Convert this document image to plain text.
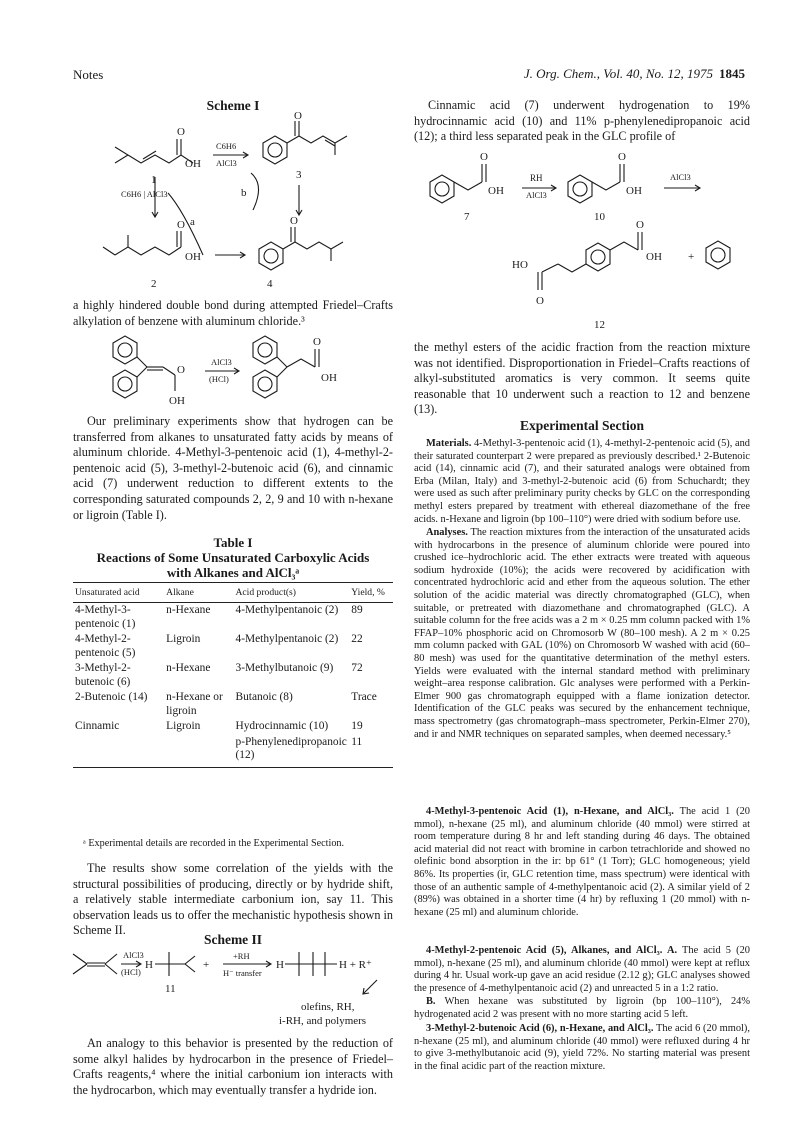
Notes	J. Org. Chem., Vol. 40, No. 12, 1975 1845
Scheme I
O
OH
O
O
OH
O
C6H6
AlCl3
C6H6 | AlCl3	b
a
1	3
2	4

a highly hindered double bond during attempted Friedel–Crafts alkylation of benzene with aluminum chloride.³

O
OH
AlCl3
(HCl)
O
OH

Our preliminary experiments show that hydrogen can be transferred from alkanes to unsaturated fatty acids by means of aluminum chloride. 4-Methyl-3-pentenoic acid (1), 4-methyl-2-pentenoic acid (5), 3-methyl-2-butenoic acid (6), and cinnamic acid (7) underwent reduction to different extents to the corresponding saturated compounds 2, 2, 9 and 10 with n-hexane or ligroin (Table I).

Table I
Reactions of Some Unsaturated Carboxylic Acids with Alkanes and AlCl₃ᵃ
Unsaturated acid	Alkane	Acid product(s)	Yield, %
4-Methyl-3-pentenoic (1)	n-Hexane	4-Methylpentanoic (2)	89
4-Methyl-2-pentenoic (5)	Ligroin	4-Methylpentanoic (2)	22
3-Methyl-2-butenoic (6)	n-Hexane	3-Methylbutanoic (9)	72
2-Butenoic (14)	n-Hexane or ligroin	Butanoic (8)	Trace
Cinnamic	Ligroin	Hydrocinnamic (10)	19
		p-Phenylenedipropanoic (12)	11
ᵃ Experimental details are recorded in the Experimental Section.

The results show some correlation of the yields with the structural possibilities of producing, directly or by hydride shift, a relatively stable intermediate carbonium ion, say 11. This observation leads us to offer the mechanistic hypothesis shown in Scheme II.

Scheme II
AlCl3
(HCl)
H	+
+RH
H⁻ transfer
H	H + R⁺
11
olefins, RH,
i-RH, and polymers

An analogy to this behavior is presented by the reduction of some alkyl halides by hydrocarbon in the presence of Friedel–Crafts reagents,⁴ where the initial carbonium ion interacts with the hydrocarbon, which may eventually transfer a hydride ion.

Cinnamic acid (7) underwent hydrogenation to 19% hydrocinnamic acid (10) and 11% p-phenylenedipropanoic acid (12); a third less separated peak in the GLC profile of

O
OH
RH
AlCl3
O
OH
AlCl3
7	10
O
OH +
HO
O
12

the methyl esters of the acidic fraction from the reaction mixture was not identified. Disproportionation in Friedel–Crafts reactions of alkyl-substituted aromatics is very common. It seems quite reasonable that 10 underwent such a reaction to 12 and benzene (13).

Experimental Section

Materials. 4-Methyl-3-pentenoic acid (1), 4-methyl-2-pentenoic acid (5), and their saturated counterpart 2 were prepared as previously described.¹ 2-Butenoic acid (14), cinnamic acid (7), and their saturated analogs were obtained from Erba (Milan, Italy) and 3-methyl-2-butenoic acid (6) from Schuchardt; they were used as such after preliminary purity checks by GLC on the corresponding methyl esters prepared by treatment with ethereal diazomethane of the free acids. n-Hexane and ligroin (bp 100–110°) were dried with sodium before use.

Analyses. The reaction mixtures from the interaction of the unsaturated acids with hydrocarbons in the presence of aluminum chloride were poured into crushed ice–hydrochloric acid. The ether extracts were treated with aqueous sodium hydroxide (10%); the acids were recovered by acidification with concentrated hydrochloric acid and ether from the aqueous solution. The ether solution of the acidic material was directly chromatographed (GLC), when suitable, or pretreated with diazomethane and chromatographed (GLC). A suitable column for the free acids was a 2 m × 0.25 mm column packed with 1% FFAP–10% phosphoric acid on Chromosorb W (80–100 mesh). A 2 m × 0.25 mm column packed with GAL (10%) on Chromosorb W washed with acid (60–80 mesh) was used for the quantitative determination of the methyl esters. Yields were evaluated with the internal standard method with preliminary weight–area response calibration. Glc analyses were performed with a Perkin-Elmer 900 gas chromatograph equipped with a flame ionization detector. Identification of the GLC peaks was secured by the enhancement technique, mass spectrometry (gas chromatograph–mass spectrometer, Perkin-Elmer 270), and ir and NMR techniques on separated samples, when deemed necessary.⁵

4-Methyl-3-pentenoic Acid (1), n-Hexane, and AlCl₃. The acid 1 (20 mmol), n-hexane (25 ml), and aluminum chloride (40 mmol) were stirred at room temperature during 8 hr and left standing during 46 days. The obtained acid material did not react with bromine in carbon tetrachloride and showed no olefinic bond absorption in the ir: bp 61° (1 Torr); GLC homogeneous; yield 86%. Its properties (ir, GLC retention time, mass spectrum) were identical with those of an authentic sample of 4-methylpentanoic acid (2). A similar yield of 2 (89%) was obtained in a shorter time (4 hr) by refluxing 1 (20 mmol) with n-hexane (25 ml) and aluminum chloride.

4-Methyl-2-pentenoic Acid (5), Alkanes, and AlCl₃. A. The acid 5 (20 mmol), n-hexane (25 ml), and aluminum chloride (40 mmol) were kept at reflux during 4 hr. Usual work-up gave an acid residue (2.12 g); GLC analyses showed the presence of 4-methylpentanoic acid (2) and unreacted 5 in a 1:2 ratio.

B. When hexane was substituted by ligroin (bp 100–110°), 24% hydrogenated acid 2 was present with no more starting acid 5 left.

3-Methyl-2-butenoic Acid (6), n-Hexane, and AlCl₃. The acid 6 (20 mmol), n-hexane (25 ml), and aluminum chloride (40 mmol) were refluxed during 4 hr to give 3-methylbutanoic acid (9), yield 72%. No starting material was present in the final acidic part of the reaction mixture.
